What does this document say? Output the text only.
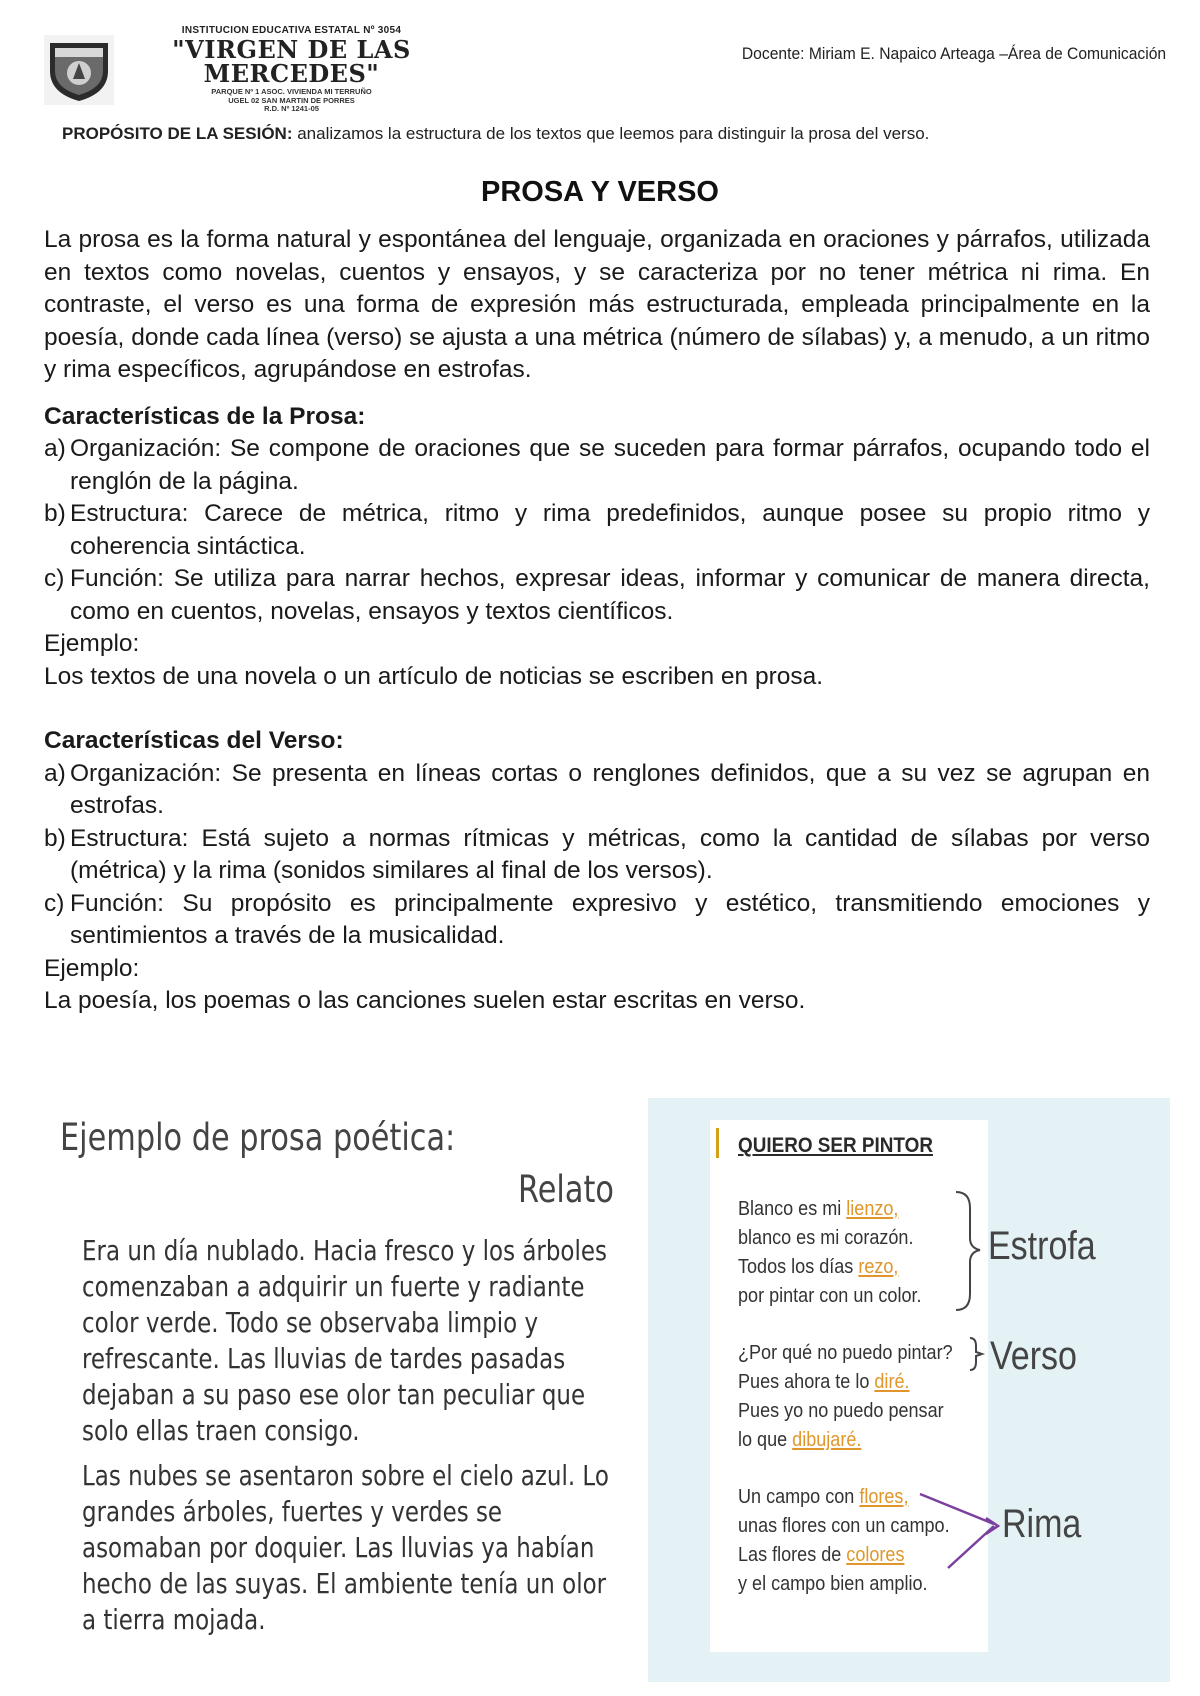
INSTITUCION EDUCATIVA ESTATAL Nº 3054
"VIRGEN DE LAS MERCEDES"
PARQUE Nº 1 ASOC. VIVIENDA MI TERRUÑO
UGEL 02 SAN MARTIN DE PORRES
R.D. Nº 1241-05
Docente: Miriam E. Napaico Arteaga –Área de Comunicación
PROPÓSITO DE LA SESIÓN: analizamos la estructura de los textos que leemos para distinguir la prosa del verso.
PROSA Y VERSO

La prosa es la forma natural y espontánea del lenguaje, organizada en oraciones y párrafos, utilizada en textos como novelas, cuentos y ensayos, y se caracteriza por no tener métrica ni rima. En contraste, el verso es una forma de expresión más estructurada, empleada principalmente en la poesía, donde cada línea (verso) se ajusta a una métrica (número de sílabas) y, a menudo, a un ritmo y rima específicos, agrupándose en estrofas.

Características de la Prosa:

a) Organización: Se compone de oraciones que se suceden para formar párrafos, ocupando todo el renglón de la página.
b) Estructura: Carece de métrica, ritmo y rima predefinidos, aunque posee su propio ritmo y coherencia sintáctica.
c) Función: Se utiliza para narrar hechos, expresar ideas, informar y comunicar de manera directa, como en cuentos, novelas, ensayos y textos científicos.

Ejemplo:

Los textos de una novela o un artículo de noticias se escriben en prosa.

Características del Verso:

a) Organización: Se presenta en líneas cortas o renglones definidos, que a su vez se agrupan en estrofas.
b) Estructura: Está sujeto a normas rítmicas y métricas, como la cantidad de sílabas por verso (métrica) y la rima (sonidos similares al final de los versos).
c) Función: Su propósito es principalmente expresivo y estético, transmitiendo emociones y sentimientos a través de la musicalidad.

Ejemplo:

La poesía, los poemas o las canciones suelen estar escritas en verso.

Ejemplo de prosa poética:
Relato
Era un día nublado. Hacia fresco y los árboles
comenzaban a adquirir un fuerte y radiante
color verde. Todo se observaba limpio y
refrescante. Las lluvias de tardes pasadas
dejaban a su paso ese olor tan peculiar que
solo ellas traen consigo.
Las nubes se asentaron sobre el cielo azul. Lo
grandes árboles, fuertes y verdes se
asomaban por doquier. Las lluvias ya habían
hecho de las suyas. El ambiente tenía un olor
a tierra mojada.
QUIERO SER PINTOR
Blanco es mi lienzo,
blanco es mi corazón.
Todos los días rezo,
por pintar con un color.
¿Por qué no puedo pintar?
Pues ahora te lo diré.
Pues yo no puedo pensar
lo que dibujaré.
Un campo con flores,
unas flores con un campo.
Las flores de colores
y el campo bien amplio.
Estrofa
Verso
Rima
